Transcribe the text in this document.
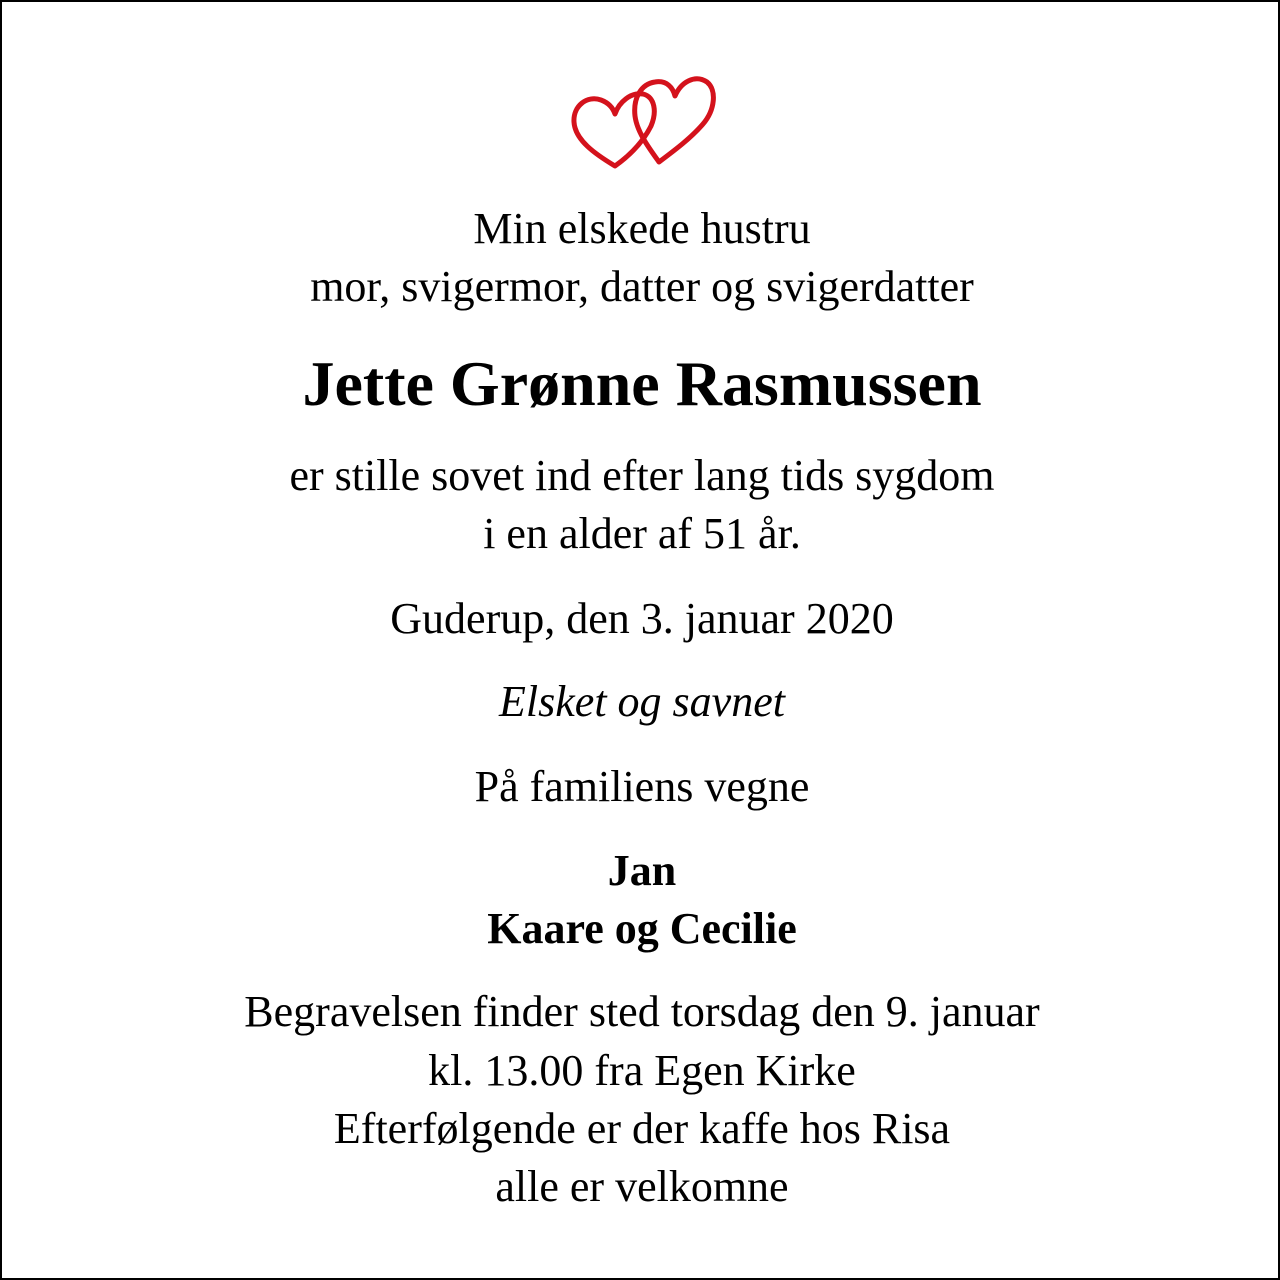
Min elskede hustru

mor, svigermor, datter og svigerdatter

Jette Grønne Rasmussen

er stille sovet ind efter lang tids sygdom

i en alder af 51 år.

Guderup, den 3. januar 2020

Elsket og savnet

På familiens vegne

Jan

Kaare og Cecilie

Begravelsen finder sted torsdag den 9. januar

kl. 13.00 fra Egen Kirke

Efterfølgende er der kaffe hos Risa

alle er velkomne
